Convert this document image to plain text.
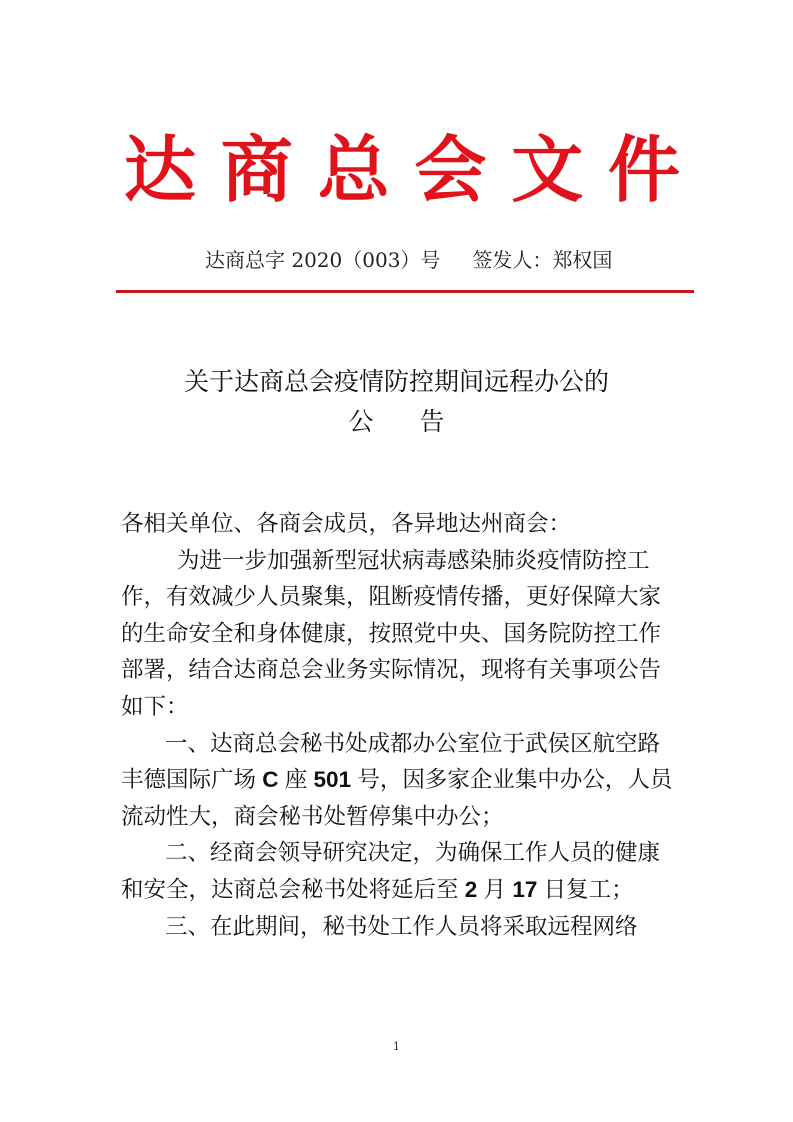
达 商 总 会 文 件
达商总字 2020（003）号 签发人：郑权国
关于达商总会疫情防控期间远程办公的
公告

各相关单位、各商会成员，各异地达州商会：

为进一步加强新型冠状病毒感染肺炎疫情防控工作，有效减少人员聚集，阻断疫情传播，更好保障大家的生命安全和身体健康，按照党中央、国务院防控工作部署，结合达商总会业务实际情况，现将有关事项公告如下：

一、达商总会秘书处成都办公室位于武侯区航空路丰德国际广场 C 座 501 号，因多家企业集中办公，人员流动性大，商会秘书处暂停集中办公；

二、经商会领导研究决定，为确保工作人员的健康和安全，达商总会秘书处将延后至 2 月 17 日复工；

三、在此期间，秘书处工作人员将采取远程网络

1
